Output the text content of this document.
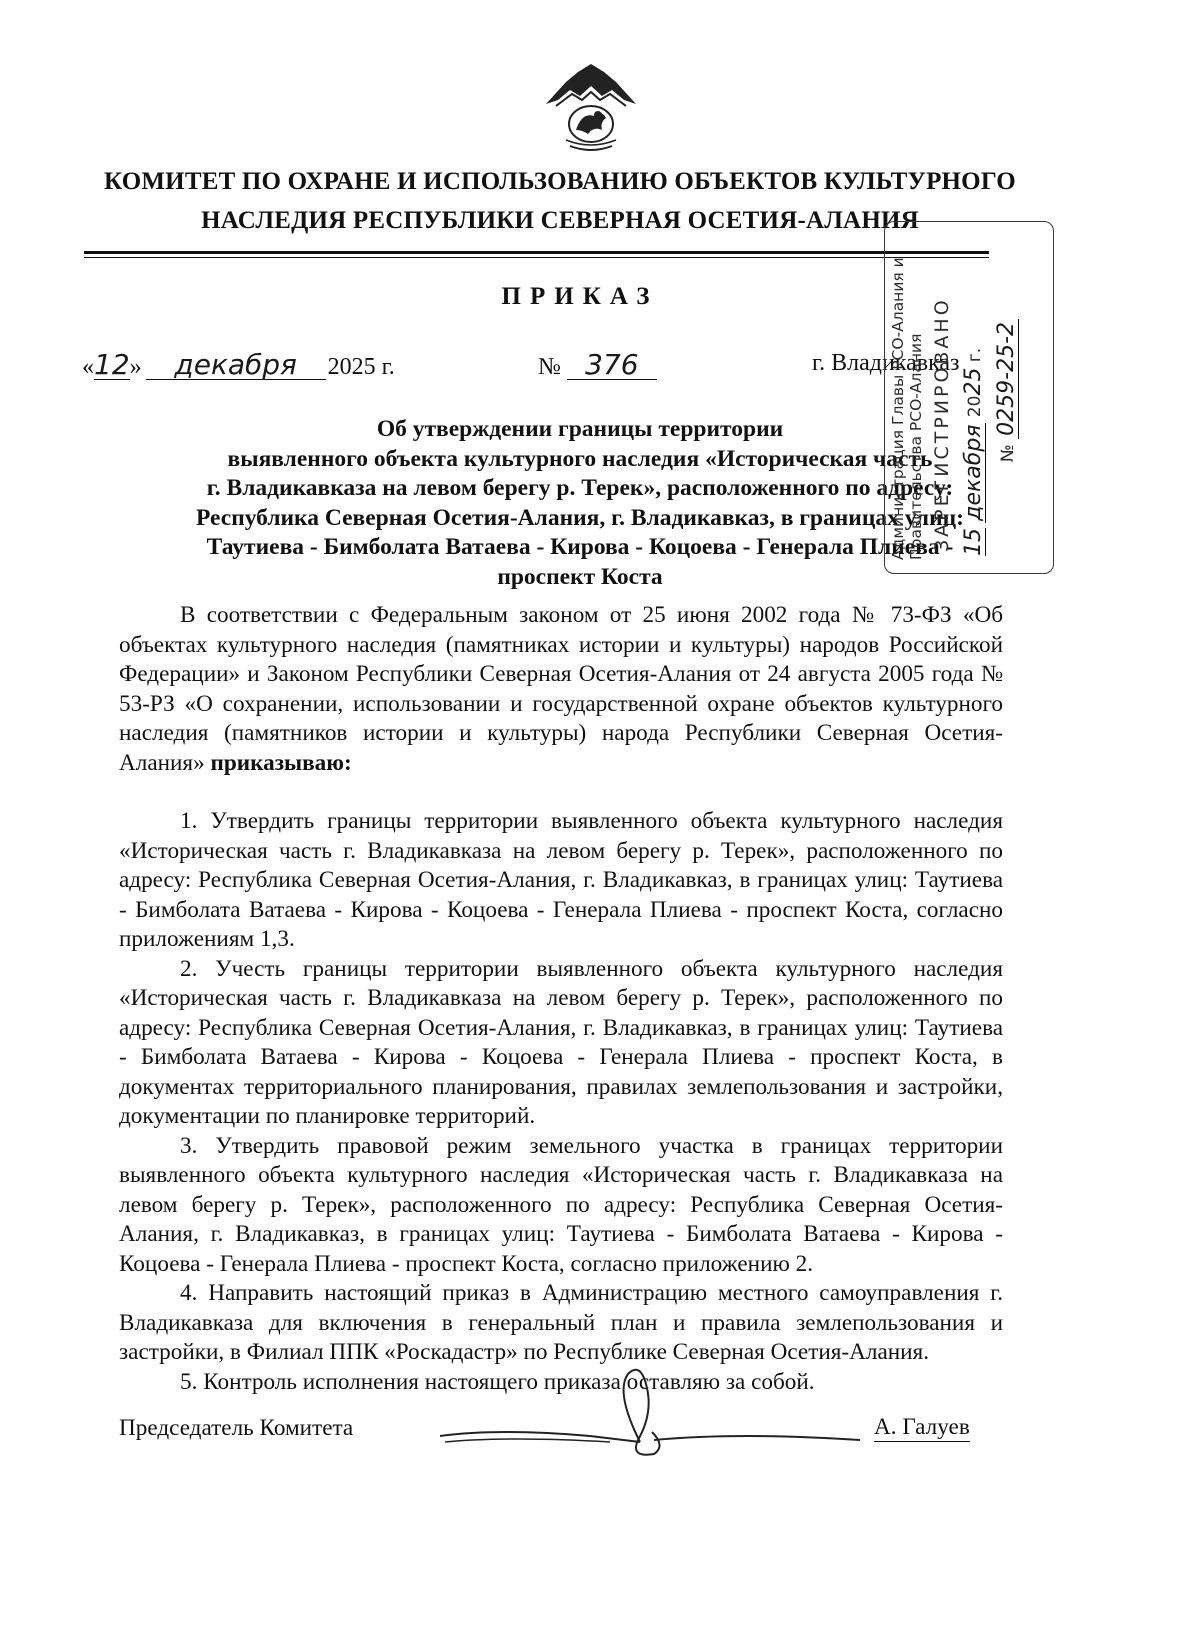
КОМИТЕТ ПО ОХРАНЕ И ИСПОЛЬЗОВАНИЮ ОБЪЕКТОВ КУЛЬТУРНОГО
НАСЛЕДИЯ РЕСПУБЛИКИ СЕВЕРНАЯ ОСЕТИЯ-АЛАНИЯ
ПРИКАЗ
«12» декабря 2025 г.	№ 376	г. Владикавказ
Об утверждении границы территории
выявленного объекта культурного наследия «Историческая часть
г. Владикавказа на левом берегу р. Терек», расположенного по адресу:
Республика Северная Осетия-Алания, г. Владикавказ, в границах улиц:
Таутиева - Бимболата Ватаева - Кирова - Коцоева - Генерала Плиева -
проспект Коста

В соответствии с Федеральным законом от 25 июня 2002 года № 73-ФЗ «Об объектах культурного наследия (памятниках истории и культуры) народов Российской Федерации» и Законом Республики Северная Осетия-Алания от 24 августа 2005 года № 53-РЗ «О сохранении, использовании и государственной охране объектов культурного наследия (памятников истории и культуры) народа Республики Северная Осетия-Алания» приказываю:

1. Утвердить границы территории выявленного объекта культурного наследия «Историческая часть г. Владикавказа на левом берегу р. Терек», расположенного по адресу: Республика Северная Осетия-Алания, г. Владикавказ, в границах улиц: Таутиева - Бимболата Ватаева - Кирова - Коцоева - Генерала Плиева - проспект Коста, согласно приложениям 1,3.

2. Учесть границы территории выявленного объекта культурного наследия «Историческая часть г. Владикавказа на левом берегу р. Терек», расположенного по адресу: Республика Северная Осетия-Алания, г. Владикавказ, в границах улиц: Таутиева - Бимболата Ватаева - Кирова - Коцоева - Генерала Плиева - проспект Коста, в документах территориального планирования, правилах землепользования и застройки, документации по планировке территорий.

3. Утвердить правовой режим земельного участка в границах территории выявленного объекта культурного наследия «Историческая часть г. Владикавказа на левом берегу р. Терек», расположенного по адресу: Республика Северная Осетия-Алания, г. Владикавказ, в границах улиц: Таутиева - Бимболата Ватаева - Кирова - Коцоева - Генерала Плиева - проспект Коста, согласно приложению 2.

4. Направить настоящий приказ в Администрацию местного самоуправления г. Владикавказа для включения в генеральный план и правила землепользования и застройки, в Филиал ППК «Роскадастр» по Республике Северная Осетия-Алания.

5. Контроль исполнения настоящего приказа оставляю за собой.

Председатель Комитета	А. Галуев
Администрация Главы РСО-Алания и Правительства РСО-Алания ЗАРЕГИСТРИРОВАНО 15 декабря 2025 г.
№ 0259-25-2
